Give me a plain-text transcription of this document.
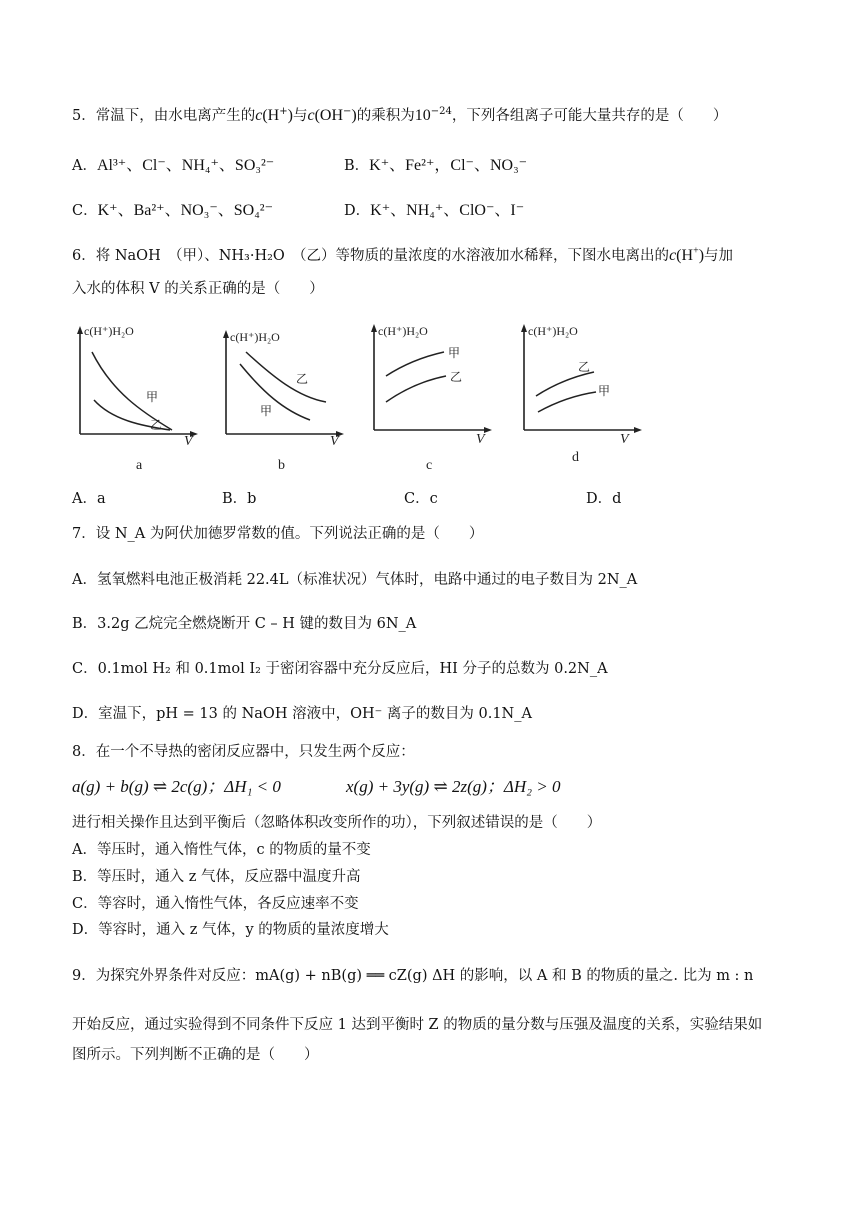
5．常温下，由水电离产生的c(H+)与c(OH−)的乘积为$10^{-24}$，下列各组离子可能大量共存的是（　　）
A．Al³⁺、Cl⁻、NH₄⁺、SO₃²⁻	B．K⁺、Fe²⁺，Cl⁻、NO₃⁻
C．K⁺、Ba²⁺、NO₃⁻、SO₄²⁻	D．K⁺、NH₄⁺、ClO⁻、I⁻
6．将 NaOH　（甲）、NH₃·H₂O　（乙）等物质的量浓度的水溶液加水稀释，下图水电离出的c(H+)与加
入水的体积 V 的关系正确的是（　　）
c(H⁺)H₂O
V
甲
乙
a
c(H⁺)H₂O
V
乙
甲
b
c(H⁺)H₂O
V
甲
乙
c
c(H⁺)H₂O
V
乙
甲
d
A．a	B．b	C．c	D．d
7．设 N_A 为阿伏加德罗常数的值。下列说法正确的是（　　）
A．氢氧燃料电池正极消耗 22.4L（标准状况）气体时，电路中通过的电子数目为 2N_A
B．3.2g 乙烷完全燃烧断开 C – H 键的数目为 6N_A
C．0.1mol H₂ 和 0.1mol I₂ 于密闭容器中充分反应后，HI 分子的总数为 0.2N_A
D．室温下，pH = 13 的 NaOH 溶液中，OH⁻ 离子的数目为 0.1N_A
8．在一个不导热的密闭反应器中，只发生两个反应：
a(g) + b(g) ⇌ 2c(g)；ΔH₁ < 0	x(g) + 3y(g) ⇌ 2z(g)；ΔH₂ > 0
进行相关操作且达到平衡后（忽略体积改变所作的功），下列叙述错误的是（　　）
A．等压时，通入惰性气体，c 的物质的量不变
B．等压时，通入 z 气体，反应器中温度升高
C．等容时，通入惰性气体，各反应速率不变
D．等容时，通入 z 气体，y 的物质的量浓度增大
9．为探究外界条件对反应：mA(g) + nB(g) ══ cZ(g) ΔH 的影响，以 A 和 B 的物质的量之. 比为 m : n
开始反应，通过实验得到不同条件下反应 1 达到平衡时 Z 的物质的量分数与压强及温度的关系，实验结果如
图所示。下列判断不正确的是（　　）
